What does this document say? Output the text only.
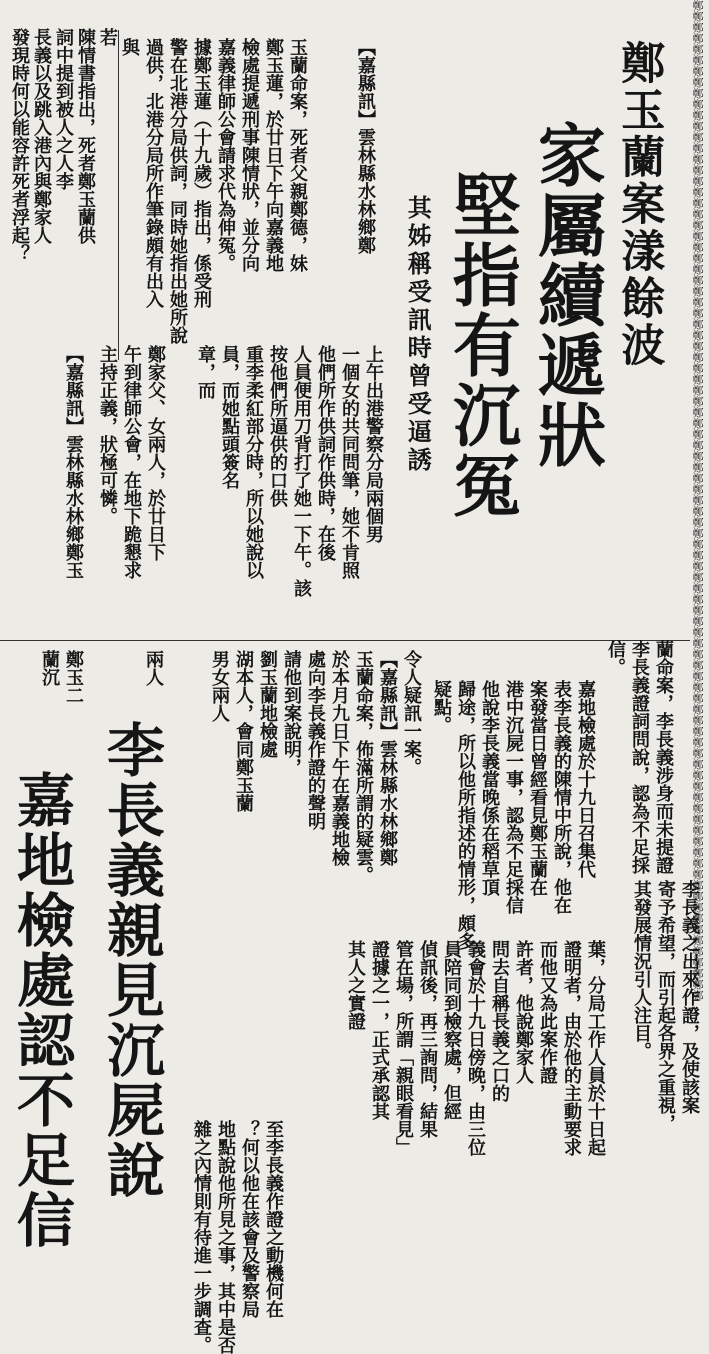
鄭鄭鄭鄭鄭鄭鄭鄭鄭鄭鄭鄭鄭鄭鄭鄭鄭鄭鄭鄭鄭鄭鄭鄭鄭鄭鄭鄭鄭鄭鄭鄭鄭鄭鄭鄭鄭鄭鄭鄭鄭鄭鄭鄭鄭鄭鄭鄭鄭鄭鄭鄭鄭鄭鄭鄭鄭鄭鄭鄭鄭鄭鄭鄭鄭鄭鄭鄭鄭鄭鄭鄭鄭鄭鄭鄭鄭鄭鄭鄭鄭鄭鄭鄭鄭鄭鄭鄭鄭鄭鄭
鄭玉蘭案漾餘波
家屬續遞狀
堅指有沉冤
其姊稱受訊時曾受逼誘
【嘉縣訊】雲林縣水林鄉鄭
玉蘭命案，死者父親鄭德，妹
鄭玉蓮，於廿日下午向嘉義地
檢處提遞刑事陳情狀，並分向
嘉義律師公會請求代為伸冤。
據鄭玉蓮（十九歲）指出，係受刑
警在北港分局供詞，同時她指出她所說
過供，北港分局所作筆錄頗有出入
與
若
陳情書指出，死者鄭玉蘭供
詞中提到被人之人李
長義以及跳入港內與鄭家人
發現時何以能容許死者浮起？
上午出港警察分局兩個男
一個女的共同問筆，她不肯照
他們所作供詞作供時，在後
人員便用刀背打了她一下午。該
按他們所逼供的口供
重李柔紅部分時，所以她說以
員，而她點頭簽名
章，而
鄭家父、女兩人，於廿日下
午到律師公會，在地下跪懇求
主持正義，狀極可憐。
【嘉縣訊】雲林縣水林鄉鄭玉
蘭命案，李長義涉身而未提證
李長義證詞問說，認為不足採
信。
嘉地檢處於十九日召集代
表李長義的陳情中所說，他在
案發當日曾經看見鄭玉蘭在
港中沉屍一事，認為不足採信
他說李長義當晚係在稻草頂
歸途，所以他所指述的情形，頗多
疑點。
李長義之出來作證，及使該案
寄予希望，而引起各界之重視，
其發展情況引人注目。
令人疑訊一案。
【嘉縣訊】雲林縣水林鄉鄭
玉蘭命案，佈滿所謂的疑雲。
於本月九日下午在嘉義地檢
處向李長義作證的聲明
請他到案說明，
劉玉蘭地檢處
湖本人，會同鄭玉蘭
男女兩人
兩人
鄭玉二
蘭沉
李長義親見沉屍說
嘉地檢處認不足信	葉，分局工作人員於十日起
證明者，由於他的主動要求
而他又為此案作證
許者，他說鄭家人
問去自稱長義之口的
義會於十九日傍晚，由三位
員陪同到檢察處，但經
偵訊後，再三詢問，結果
管在場，所謂「親眼看見」
證據之一，正式承認其
其人之實證
至李長義作證之動機何在
？何以他在該會及警察局
地點說他所見之事，其中是否
雜之內情則有待進一步調查。
